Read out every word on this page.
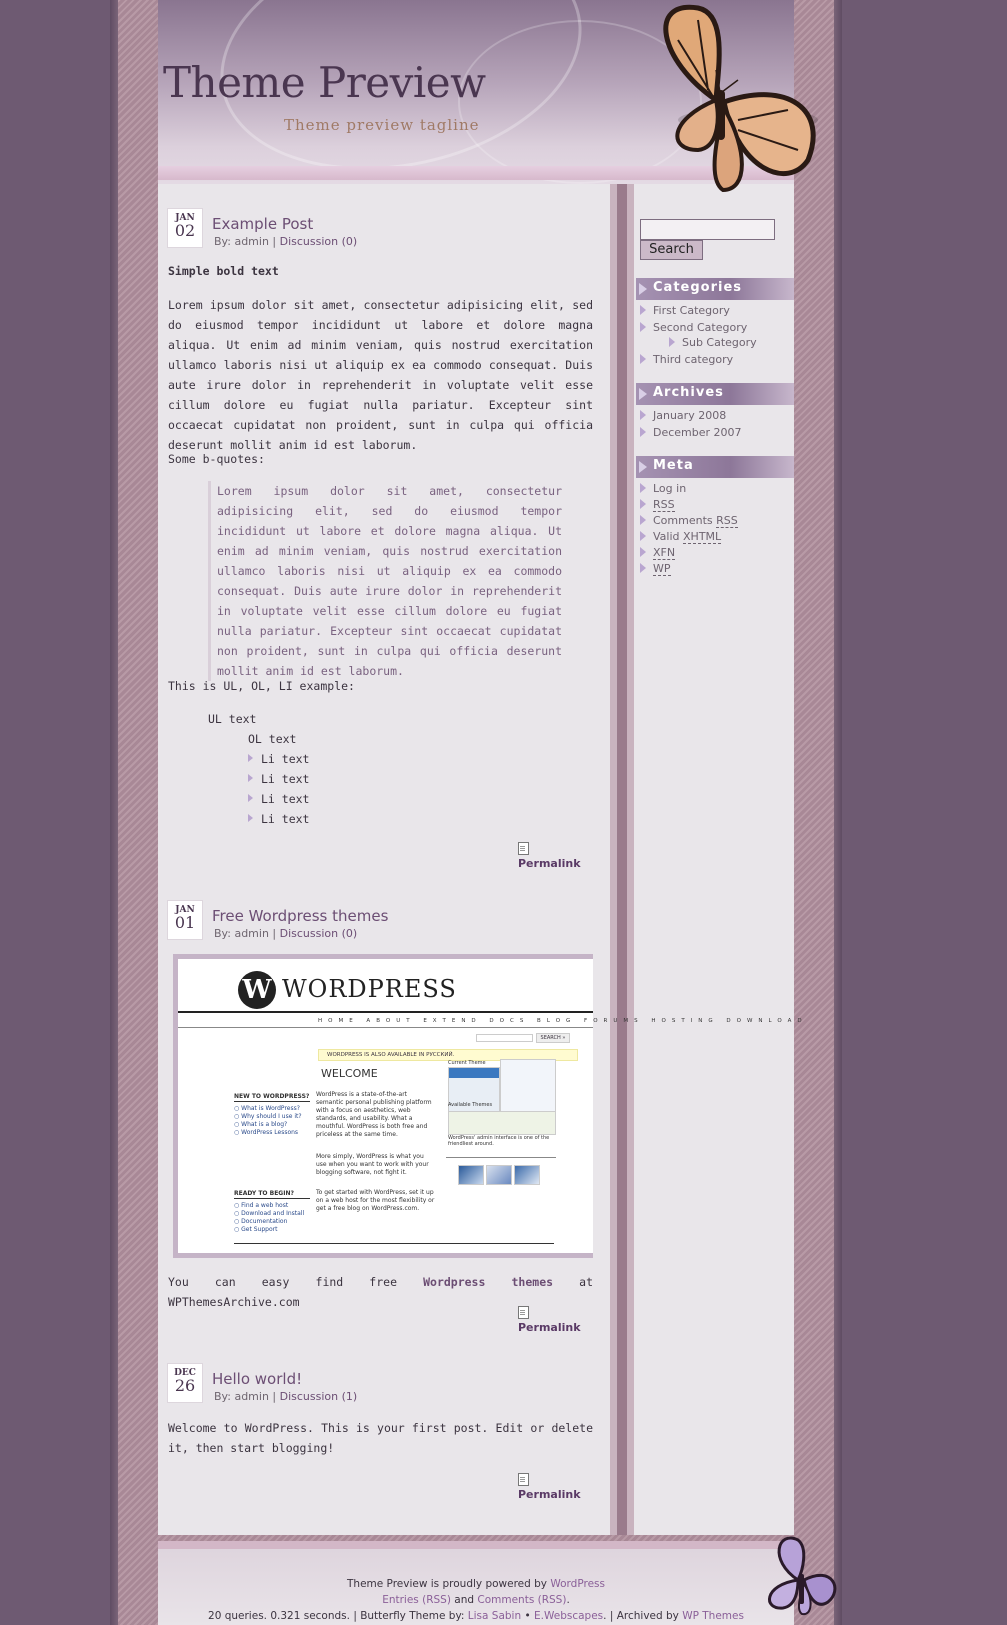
Theme Preview
Theme preview tagline
JAN
02	Example Post
By: admin | Discussion (0)
Simple bold text
Lorem ipsum dolor sit amet, consectetur adipisicing elit, sed do eiusmod tempor incididunt ut labore et dolore magna aliqua. Ut enim ad minim veniam, quis nostrud exercitation ullamco laboris nisi ut aliquip ex ea commodo consequat. Duis aute irure dolor in reprehenderit in voluptate velit esse cillum dolore eu fugiat nulla pariatur. Excepteur sint occaecat cupidatat non proident, sunt in culpa qui officia deserunt mollit anim id est laborum.
Some b-quotes:
Lorem ipsum dolor sit amet, consectetur adipisicing elit, sed do eiusmod tempor incididunt ut labore et dolore magna aliqua. Ut enim ad minim veniam, quis nostrud exercitation ullamco laboris nisi ut aliquip ex ea commodo consequat. Duis aute irure dolor in reprehenderit in voluptate velit esse cillum dolore eu fugiat nulla pariatur. Excepteur sint occaecat cupidatat non proident, sunt in culpa qui officia deserunt mollit anim id est laborum.
This is UL, OL, LI example:
UL text
OL text
Li text
Li text
Li text
Li text
Permalink
JAN
01	Free Wordpress themes
By: admin | Discussion (0)
You can easy find free Wordpress themes at WPThemesArchive.com
Permalink
W WORDPRESS
HOME ABOUT EXTEND DOCS BLOG FORUMS HOSTING DOWNLOAD
SEARCH »
WORDPRESS IS ALSO AVAILABLE IN РУССКИЙ.
WELCOME
NEW TO WORDPRESS?
○ What is WordPress?
○ Why should I use it?
○ What is a blog?
○ WordPress Lessons
WordPress is a state-of-the-art semantic personal publishing platform with a focus on aesthetics, web standards, and usability. What a mouthful. WordPress is both free and priceless at the same time.
More simply, WordPress is what you use when you want to work with your blogging software, not fight it.
To get started with WordPress, set it up on a web host for the most flexibility or get a free blog on WordPress.com.
READY TO BEGIN?
○ Find a web host
○ Download and Install
○ Documentation
○ Get Support
Current Theme
Available Themes
WordPress' admin interface is one of the friendliest around.
DEC
26	Hello world!
By: admin | Discussion (1)
Welcome to WordPress. This is your first post. Edit or delete it, then start blogging!
Permalink
Search
Categories
First Category
Second Category
Sub Category
Third category
Archives
January 2008
December 2007
Meta
Log in
RSS
Comments RSS
Valid XHTML
XFN
WP
Theme Preview is proudly powered by WordPress
Entries (RSS) and Comments (RSS).
20 queries. 0.321 seconds. | Butterfly Theme by: Lisa Sabin • E.Webscapes. | Archived by WP Themes
